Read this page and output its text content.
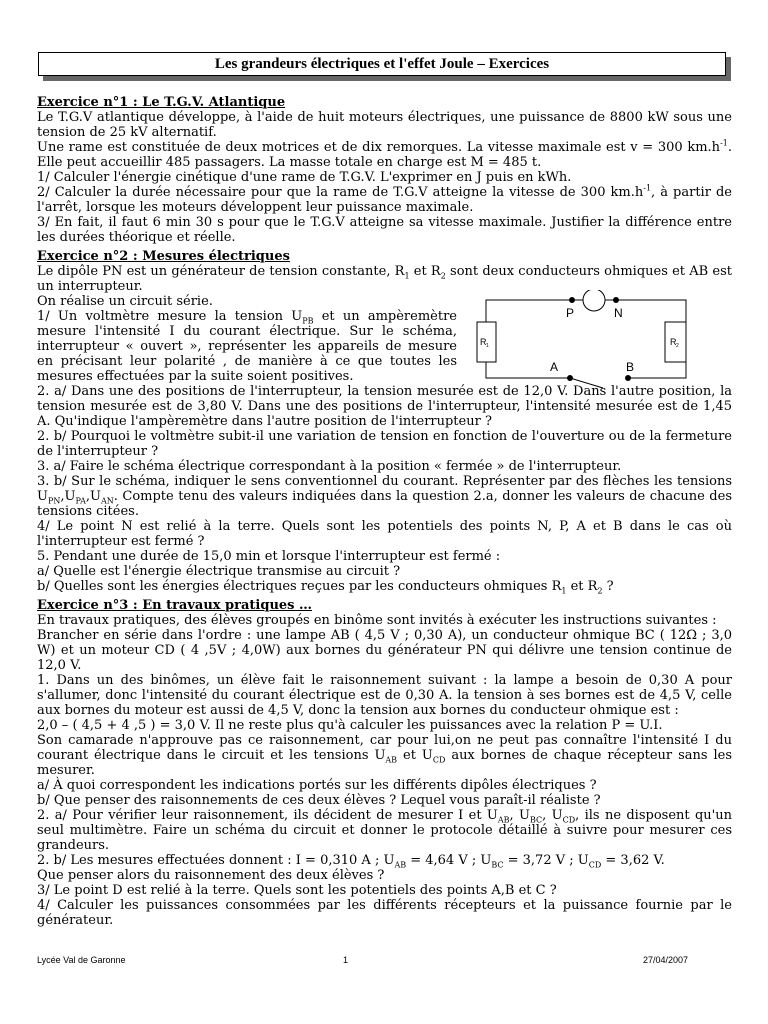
Les grandeurs électriques et l'effet Joule – Exercices

Exercice n°1 : Le T.G.V. Atlantique

Le T.G.V atlantique développe, à l'aide de huit moteurs électriques, une puissance de 8800 kW sous une tension de 25 kV alternatif.

Une rame est constituée de deux motrices et de dix remorques. La vitesse maximale est v = 300 $km.h^{-1}$. Elle peut accueillir 485 passagers. La masse totale en charge est M = 485 t.

1/ Calculer l'énergie cinétique d'une rame de T.G.V. L'exprimer en J puis en kWh.

2/ Calculer la durée nécessaire pour que la rame de T.G.V atteigne la vitesse de 300 $km.h^{-1}$, à partir de l'arrêt, lorsque les moteurs développent leur puissance maximale.

3/ En fait, il faut 6 min 30 s pour que le T.G.V atteigne sa vitesse maximale. Justifier la différence entre les durées théorique et réelle.

Exercice n°2 : Mesures électriques

Le dipôle PN est un générateur de tension constante, $R_1$ et $R_2$ sont deux conducteurs ohmiques et AB est un interrupteur.

On réalise un circuit série.

1/ Un voltmètre mesure la tension $U_{PB}$ et un ampèremètre mesure l'intensité I du courant électrique. Sur le schéma, interrupteur « ouvert », représenter les appareils de mesure en précisant leur polarité , de manière à ce que toutes les mesures effectuées par la suite soient positives.

2. a/ Dans une des positions de l'interrupteur, la tension mesurée est de 12,0 V. Dans l'autre position, la tension mesurée est de 3,80 V. Dans une des positions de l'interrupteur, l'intensité mesurée est de 1,45 A. Qu'indique l'ampèremètre dans l'autre position de l'interrupteur ?

2. b/ Pourquoi le voltmètre subit-il une variation de tension en fonction de l'ouverture ou de la fermeture de l'interrupteur ?

3. a/ Faire le schéma électrique correspondant à la position « fermée » de l'interrupteur.

3. b/ Sur le schéma, indiquer le sens conventionnel du courant. Représenter par des flèches les tensions $U_{PN},U_{PA},U_{AN}$. Compte tenu des valeurs indiquées dans la question 2.a, donner les valeurs de chacune des tensions citées.

4/ Le point N est relié à la terre. Quels sont les potentiels des points N, P, A et B dans le cas où l'interrupteur est fermé ?

5. Pendant une durée de 15,0 min et lorsque l'interrupteur est fermé :

a/ Quelle est l'énergie électrique transmise au circuit ?

b/ Quelles sont les énergies électriques reçues par les conducteurs ohmiques $R_1$ et $R_2$ ?

Exercice n°3 : En travaux pratiques …

En travaux pratiques, des élèves groupés en binôme sont invités à exécuter les instructions suivantes :

Brancher en série dans l'ordre : une lampe AB ( 4,5 V ; 0,30 A), un conducteur ohmique BC ( 12Ω ; 3,0 W) et un moteur CD ( 4 ,5V ; 4,0W) aux bornes du générateur PN qui délivre une tension continue de 12,0 V.

1. Dans un des binômes, un élève fait le raisonnement suivant : la lampe a besoin de 0,30 A pour s'allumer, donc l'intensité du courant électrique est de 0,30 A. la tension à ses bornes est de 4,5 V, celle aux bornes du moteur est aussi de 4,5 V, donc la tension aux bornes du conducteur ohmique est :

2,0 – ( 4,5 + 4 ,5 ) = 3,0 V. Il ne reste plus qu'à calculer les puissances avec la relation P = U.I.

Son camarade n'approuve pas ce raisonnement, car pour lui,on ne peut pas connaître l'intensité I du courant électrique dans le circuit et les tensions $U_{AB}$ et $U_{CD}$ aux bornes de chaque récepteur sans les mesurer.

a/ À quoi correspondent les indications portés sur les différents dipôles électriques ?

b/ Que penser des raisonnements de ces deux élèves ? Lequel vous paraît-il réaliste ?

2. a/ Pour vérifier leur raisonnement, ils décident de mesurer I et $U_{AB}$, $U_{BC}$, $U_{CD}$, ils ne disposent qu'un seul multimètre. Faire un schéma du circuit et donner le protocole détaillé à suivre pour mesurer ces grandeurs.

2. b/ Les mesures effectuées donnent : I = 0,310 A ; $U_{AB} = 4,64$ V ; $U_{BC} = 3,72$ V ; $U_{CD} = 3,62$ V.

Que penser alors du raisonnement des deux élèves ?

3/ Le point D est relié à la terre. Quels sont les potentiels des points A,B et C ?

4/ Calculer les puissances consommées par les différents récepteurs et la puissance fournie par le générateur.

P	N
A	B
R 1	R 2
Lycée Val de Garonne	1	27/04/2007
